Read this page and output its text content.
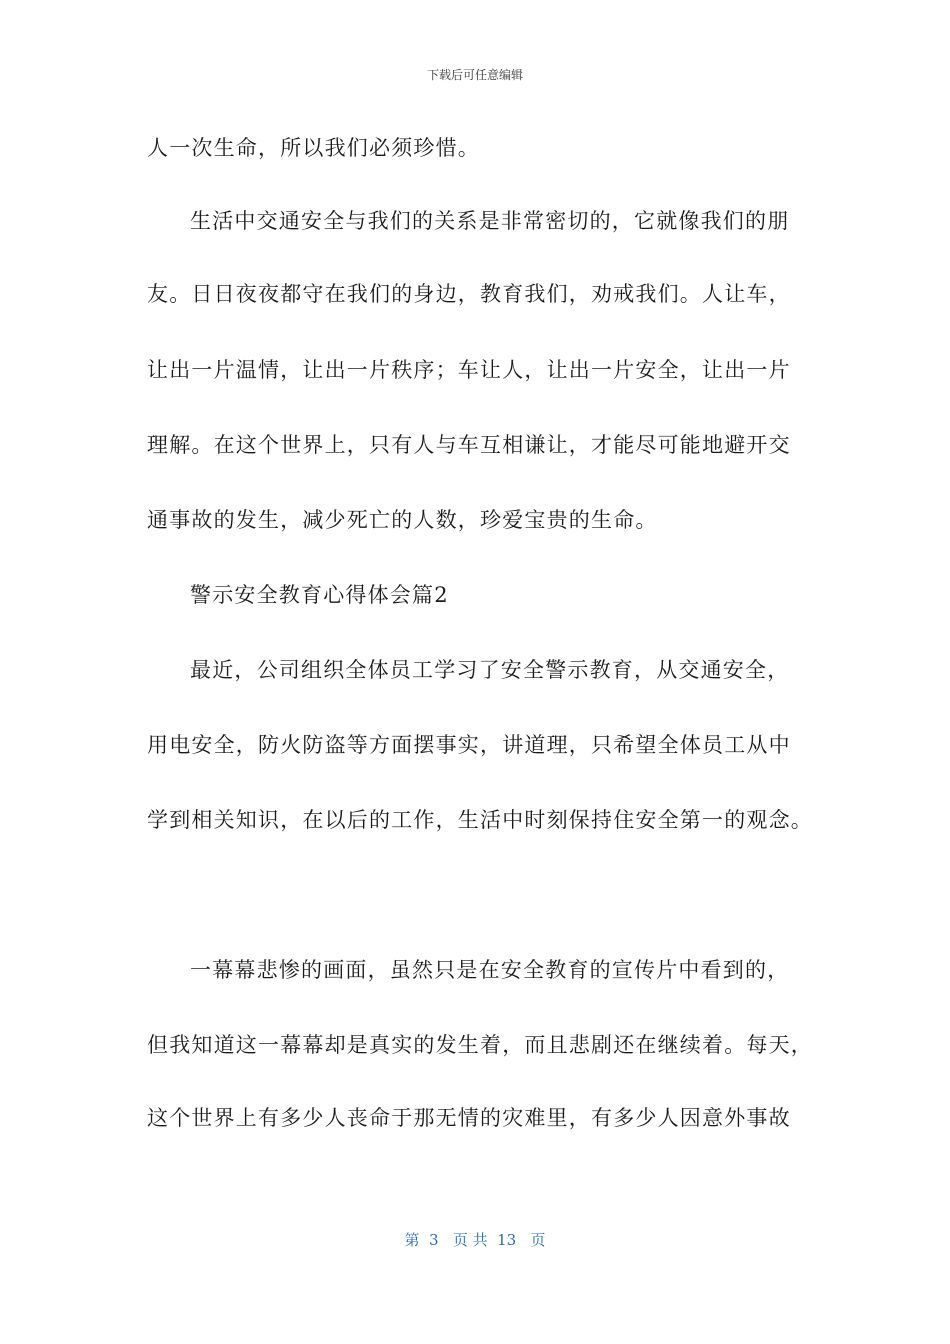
下载后可任意编辑
人一次生命，所以我们必须珍惜。
生活中交通安全与我们的关系是非常密切的，它就像我们的朋
友。日日夜夜都守在我们的身边，教育我们，劝戒我们。人让车，
让出一片温情，让出一片秩序；车让人，让出一片安全，让出一片
理解。在这个世界上，只有人与车互相谦让，才能尽可能地避开交
通事故的发生，减少死亡的人数，珍爱宝贵的生命。
警示安全教育心得体会篇2
最近，公司组织全体员工学习了安全警示教育，从交通安全，
用电安全，防火防盗等方面摆事实，讲道理，只希望全体员工从中
学到相关知识，在以后的工作，生活中时刻保持住安全第一的观念。
一幕幕悲惨的画面，虽然只是在安全教育的宣传片中看到的，
但我知道这一幕幕却是真实的发生着，而且悲剧还在继续着。每天，
这个世界上有多少人丧命于那无情的灾难里，有多少人因意外事故
第  3   页 共  13   页
